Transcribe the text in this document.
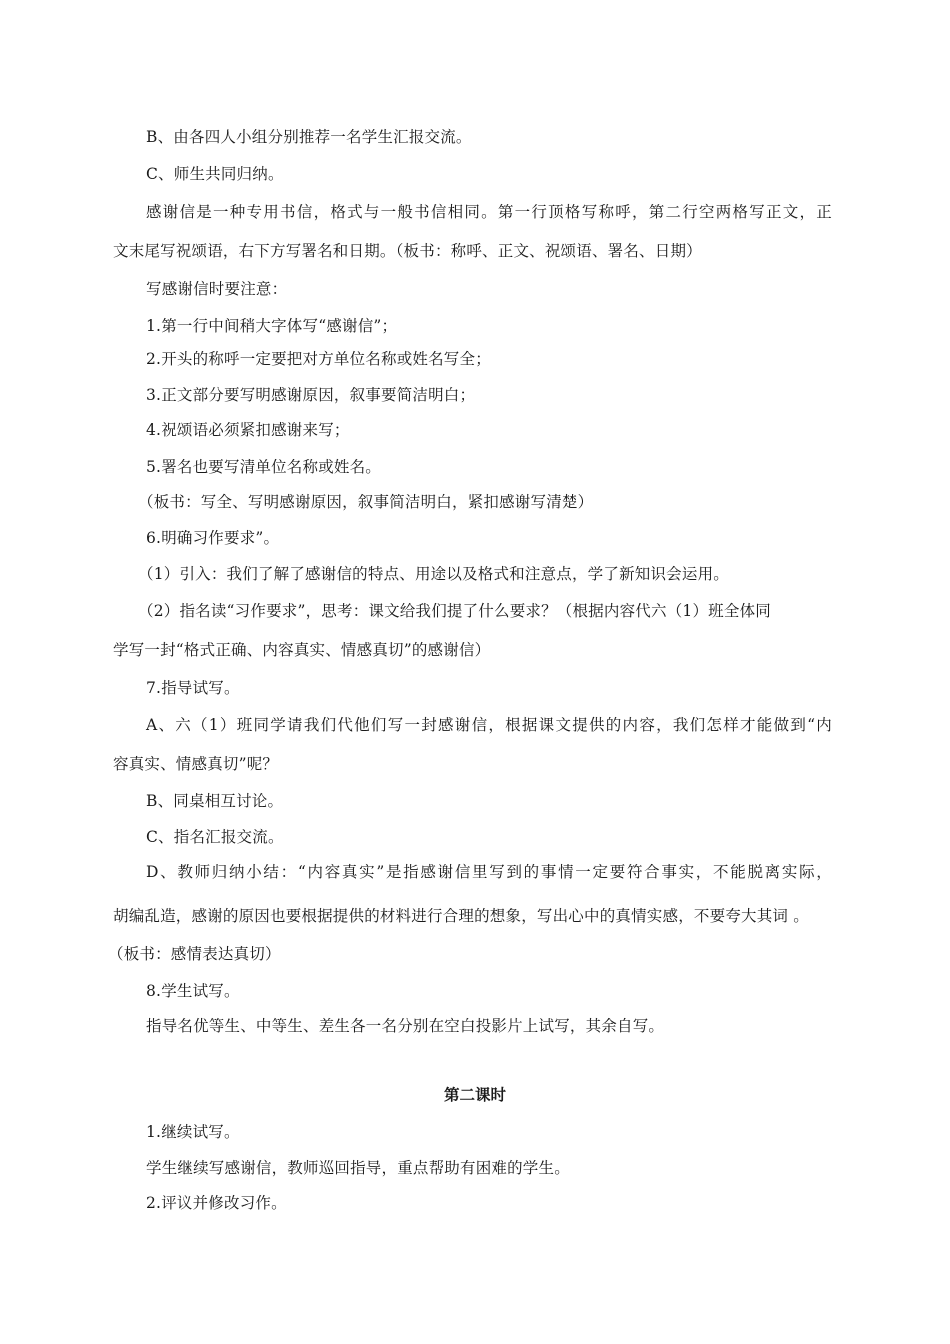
B、由各四人小组分别推荐一名学生汇报交流。
C、师生共同归纳。
感谢信是一种专用书信，格式与一般书信相同。第一行顶格写称呼，第二行空两格写正文，正
文末尾写祝颂语，右下方写署名和日期。（板书：称呼、正文、祝颂语、署名、日期）
写感谢信时要注意：
1.第一行中间稍大字体写“感谢信”；
2.开头的称呼一定要把对方单位名称或姓名写全；
3.正文部分要写明感谢原因，叙事要简洁明白；
4.祝颂语必须紧扣感谢来写；
5.署名也要写清单位名称或姓名。
（板书：写全、写明感谢原因，叙事简洁明白，紧扣感谢写清楚）
6.明确习作要求”。
（1）引入：我们了解了感谢信的特点、用途以及格式和注意点，学了新知识会运用。
（2）指名读“习作要求”，思考：课文给我们提了什么要求？（根据内容代六（1）班全体同
学写一封“格式正确、内容真实、情感真切”的感谢信）
7.指导试写。
A、六（1）班同学请我们代他们写一封感谢信，根据课文提供的内容，我们怎样才能做到“内
容真实、情感真切”呢？
B、同桌相互讨论。
C、指名汇报交流。
D、教师归纳小结：“内容真实”是指感谢信里写到的事情一定要符合事实，不能脱离实际，
胡编乱造，感谢的原因也要根据提供的材料进行合理的想象，写出心中的真情实感，不要夸大其词 。
（板书：感情表达真切）
8.学生试写。
指导名优等生、中等生、差生各一名分别在空白投影片上试写，其余自写。
第二课时
1.继续试写。
学生继续写感谢信，教师巡回指导，重点帮助有困难的学生。
2.评议并修改习作。
